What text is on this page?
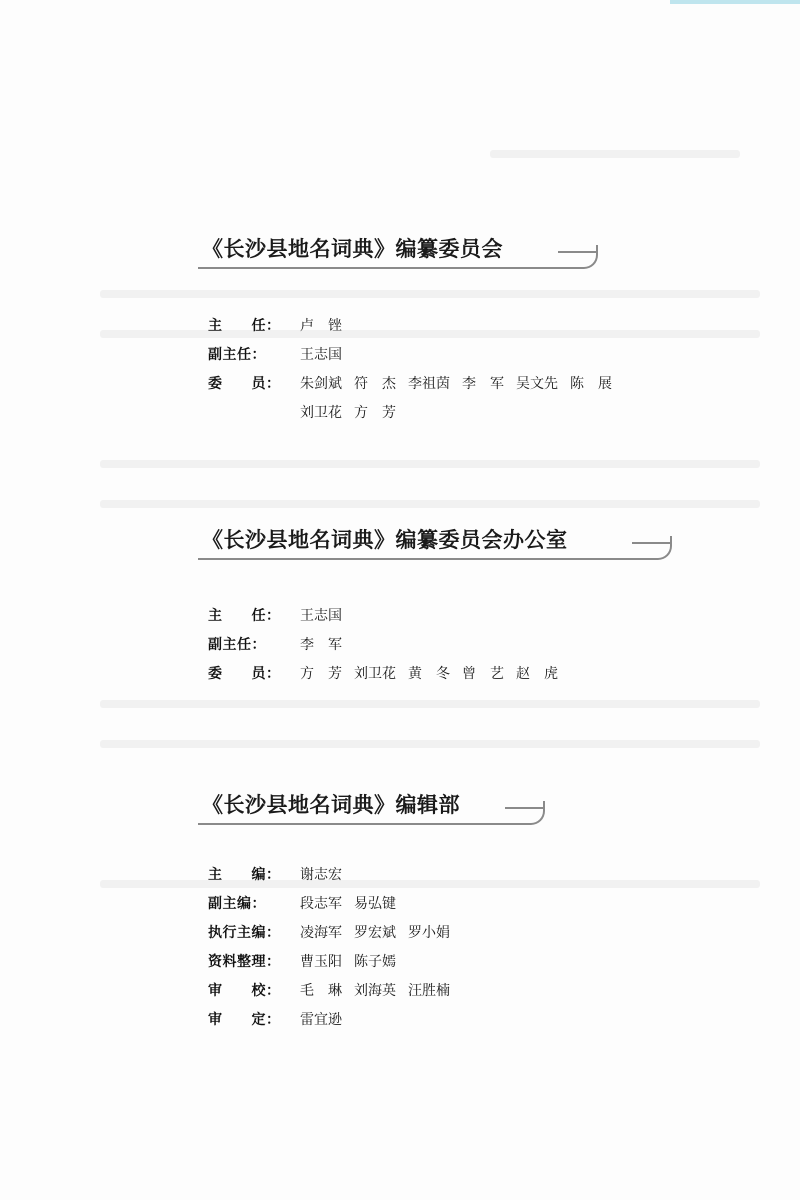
《长沙县地名词典》编纂委员会
主　　任：	卢　锉
副主任：	王志国
委　　员：	朱剑斌 符　杰 李祖茵 李　军 吴文先 陈　展
刘卫花 方　芳
《长沙县地名词典》编纂委员会办公室
主　　任：	王志国
副主任：	李　军
委　　员：	方　芳 刘卫花 黄　冬 曾　艺 赵　虎
《长沙县地名词典》编辑部
主　　编：	谢志宏
副主编：	段志军 易弘键
执行主编：	凌海军 罗宏斌 罗小娟
资料整理：	曹玉阳 陈子嫣
审　　校：	毛　琳 刘海英 汪胜楠
审　　定：	雷宜逊
